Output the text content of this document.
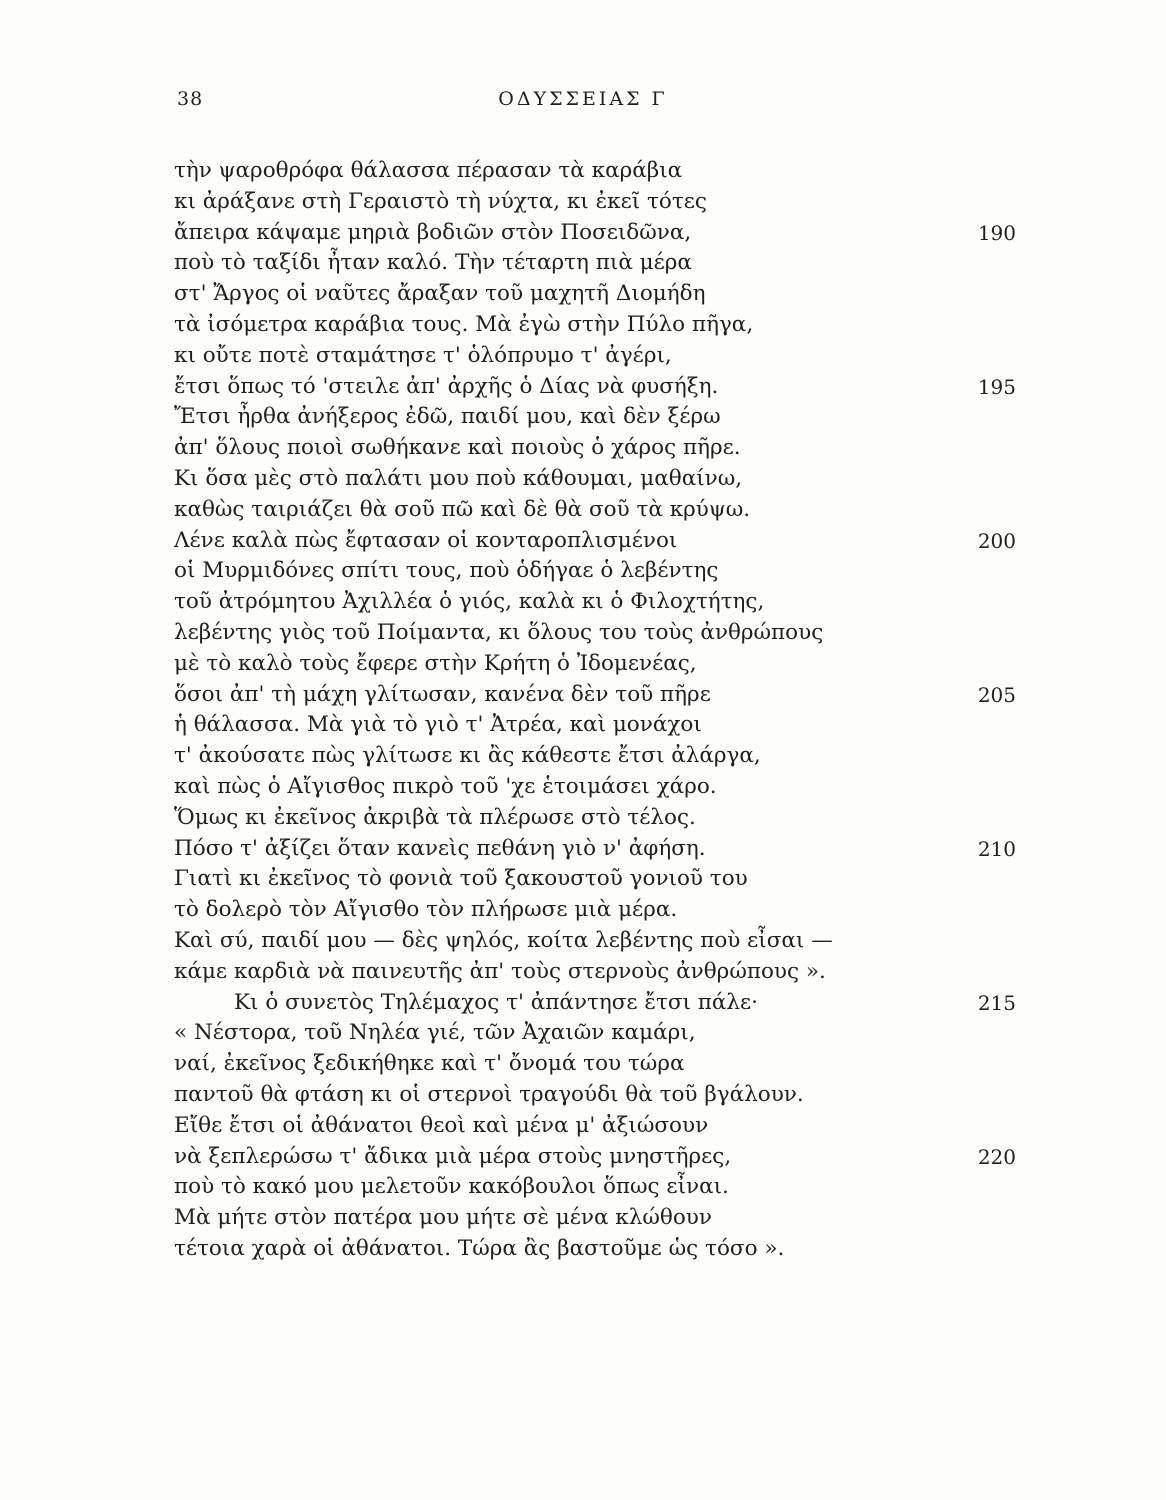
38	ΟΔΥΣΣΕΙΑΣ Γ
τὴν ψαροθρόφα θάλασσα πέρασαν τὰ καράβια
κι ἀράξανε στὴ Γεραιστὸ τὴ νύχτα, κι ἐκεῖ τότες
ἄπειρα κάψαμε μηριὰ βοδιῶν στὸν Ποσειδῶνα,	190
ποὺ τὸ ταξίδι ἦταν καλό. Τὴν τέταρτη πιὰ μέρα
στ' Ἄργος οἱ ναῦτες ἄραξαν τοῦ μαχητῆ Διομήδη
τὰ ἰσόμετρα καράβια τους. Μὰ ἐγὼ στὴν Πύλο πῆγα,
κι οὔτε ποτὲ σταμάτησε τ' ὁλόπρυμο τ' ἀγέρι,
ἔτσι ὅπως τό 'στειλε ἀπ' ἀρχῆς ὁ Δίας νὰ φυσήξη.	195
Ἔτσι ἦρθα ἀνήξερος ἐδῶ, παιδί μου, καὶ δὲν ξέρω
ἀπ' ὅλους ποιοὶ σωθήκανε καὶ ποιοὺς ὁ χάρος πῆρε.
Κι ὅσα μὲς στὸ παλάτι μου ποὺ κάθουμαι, μαθαίνω,
καθὼς ταιριάζει θὰ σοῦ πῶ καὶ δὲ θὰ σοῦ τὰ κρύψω.
Λένε καλὰ πὼς ἔφτασαν οἱ κονταροπλισμένοι	200
οἱ Μυρμιδόνες σπίτι τους, ποὺ ὁδήγαε ὁ λεβέντης
τοῦ ἀτρόμητου Ἀχιλλέα ὁ γιός, καλὰ κι ὁ Φιλοχτήτης,
λεβέντης γιὸς τοῦ Ποίμαντα, κι ὅλους του τοὺς ἀνθρώπους
μὲ τὸ καλὸ τοὺς ἔφερε στὴν Κρήτη ὁ Ἰδομενέας,
ὅσοι ἀπ' τὴ μάχη γλίτωσαν, κανένα δὲν τοῦ πῆρε	205
ἡ θάλασσα. Μὰ γιὰ τὸ γιὸ τ' Ἀτρέα, καὶ μονάχοι
τ' ἀκούσατε πὼς γλίτωσε κι ἂς κάθεστε ἔτσι ἀλάργα,
καὶ πὼς ὁ Αἴγισθος πικρὸ τοῦ 'χε ἑτοιμάσει χάρο.
Ὅμως κι ἐκεῖνος ἀκριβὰ τὰ πλέρωσε στὸ τέλος.
Πόσο τ' ἀξίζει ὅταν κανεὶς πεθάνη γιὸ ν' ἀφήση.	210
Γιατὶ κι ἐκεῖνος τὸ φονιὰ τοῦ ξακουστοῦ γονιοῦ του
τὸ δολερὸ τὸν Αἴγισθο τὸν πλήρωσε μιὰ μέρα.
Καὶ σύ, παιδί μου — δὲς ψηλός, κοίτα λεβέντης ποὺ εἶσαι —
κάμε καρδιὰ νὰ παινευτῆς ἀπ' τοὺς στερνοὺς ἀνθρώπους ».
Κι ὁ συνετὸς Τηλέμαχος τ' ἀπάντησε ἔτσι πάλε·	215
« Νέστορα, τοῦ Νηλέα γιέ, τῶν Ἀχαιῶν καμάρι,
ναί, ἐκεῖνος ξεδικήθηκε καὶ τ' ὄνομά του τώρα
παντοῦ θὰ φτάση κι οἱ στερνοὶ τραγούδι θὰ τοῦ βγάλουν.
Εἴθε ἔτσι οἱ ἀθάνατοι θεοὶ καὶ μένα μ' ἀξιώσουν
νὰ ξεπλερώσω τ' ἄδικα μιὰ μέρα στοὺς μνηστῆρες,	220
ποὺ τὸ κακό μου μελετοῦν κακόβουλοι ὅπως εἶναι.
Μὰ μήτε στὸν πατέρα μου μήτε σὲ μένα κλώθουν
τέτοια χαρὰ οἱ ἀθάνατοι. Τώρα ἂς βαστοῦμε ὡς τόσο ».
